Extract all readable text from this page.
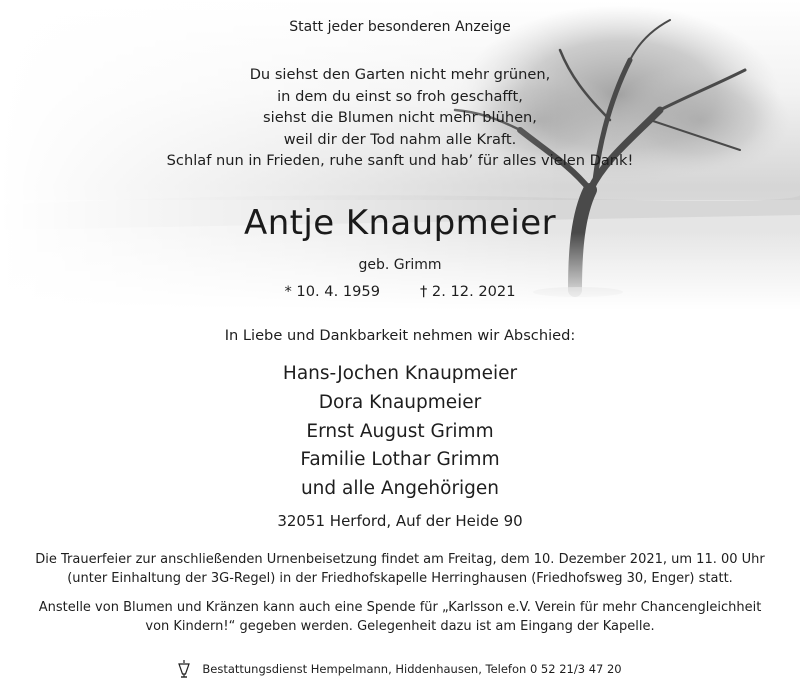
Statt jeder besonderen Anzeige
Du siehst den Garten nicht mehr grünen,
in dem du einst so froh geschafft,
siehst die Blumen nicht mehr blühen,
weil dir der Tod nahm alle Kraft.
Schlaf nun in Frieden, ruhe sanft und hab’ für alles vielen Dank!
Antje Knaupmeier
geb. Grimm
* 10. 4. 1959	† 2. 12. 2021
In Liebe und Dankbarkeit nehmen wir Abschied:
Hans-Jochen Knaupmeier
Dora Knaupmeier
Ernst August Grimm
Familie Lothar Grimm
und alle Angehörigen
32051 Herford, Auf der Heide 90
Die Trauerfeier zur anschließenden Urnenbeisetzung findet am Freitag, dem 10. Dezember 2021, um 11. 00 Uhr
(unter Einhaltung der 3G-Regel) in der Friedhofskapelle Herringhausen (Friedhofsweg 30, Enger) statt.
Anstelle von Blumen und Kränzen kann auch eine Spende für „Karlsson e.V. Verein für mehr Chancengleichheit
von Kindern!“ gegeben werden. Gelegenheit dazu ist am Eingang der Kapelle.
Bestattungsdienst Hempelmann, Hiddenhausen, Telefon 0 52 21/3 47 20
